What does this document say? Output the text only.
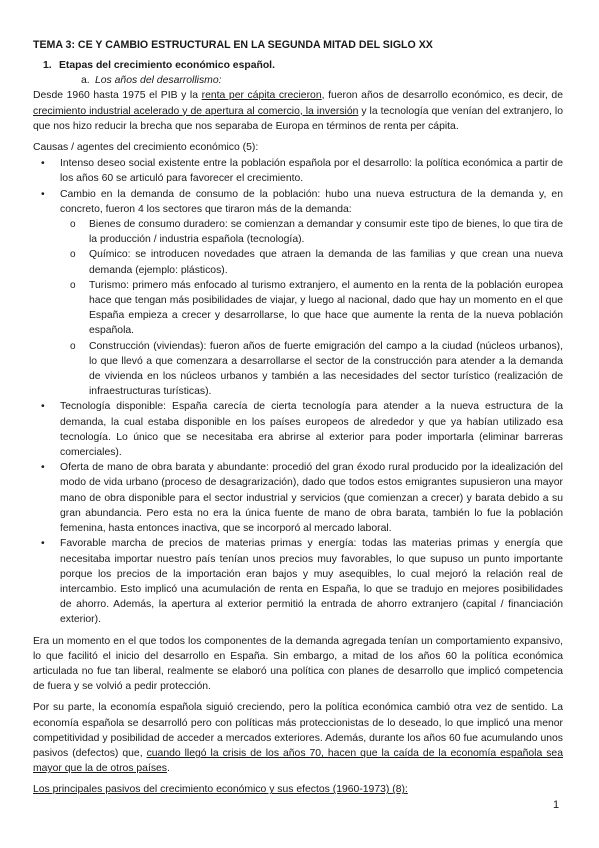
TEMA 3: CE Y CAMBIO ESTRUCTURAL EN LA SEGUNDA MITAD DEL SIGLO XX
1. Etapas del crecimiento económico español.
a. Los años del desarrollismo:

Desde 1960 hasta 1975 el PIB y la renta per cápita crecieron, fueron años de desarrollo económico, es decir, de crecimiento industrial acelerado y de apertura al comercio, la inversión y la tecnología que venían del extranjero, lo que nos hizo reducir la brecha que nos separaba de Europa en términos de renta per cápita.

Causas / agentes del crecimiento económico (5):

• Intenso deseo social existente entre la población española por el desarrollo: la política económica a partir de los años 60 se articuló para favorecer el crecimiento.
• Cambio en la demanda de consumo de la población: hubo una nueva estructura de la demanda y, en concreto, fueron 4 los sectores que tiraron más de la demanda:
o Bienes de consumo duradero: se comienzan a demandar y consumir este tipo de bienes, lo que tira de la producción / industria española (tecnología).
o Químico: se introducen novedades que atraen la demanda de las familias y que crean una nueva demanda (ejemplo: plásticos).
o Turismo: primero más enfocado al turismo extranjero, el aumento en la renta de la población europea hace que tengan más posibilidades de viajar, y luego al nacional, dado que hay un momento en el que España empieza a crecer y desarrollarse, lo que hace que aumente la renta de la nueva población española.
o Construcción (viviendas): fueron años de fuerte emigración del campo a la ciudad (núcleos urbanos), lo que llevó a que comenzara a desarrollarse el sector de la construcción para atender a la demanda de vivienda en los núcleos urbanos y también a las necesidades del sector turístico (realización de infraestructuras turísticas).
• Tecnología disponible: España carecía de cierta tecnología para atender a la nueva estructura de la demanda, la cual estaba disponible en los países europeos de alrededor y que ya habían utilizado esa tecnología. Lo único que se necesitaba era abrirse al exterior para poder importarla (eliminar barreras comerciales).
• Oferta de mano de obra barata y abundante: procedió del gran éxodo rural producido por la idealización del modo de vida urbano (proceso de desagrarización), dado que todos estos emigrantes supusieron una mayor mano de obra disponible para el sector industrial y servicios (que comienzan a crecer) y barata debido a su gran abundancia. Pero esta no era la única fuente de mano de obra barata, también lo fue la población femenina, hasta entonces inactiva, que se incorporó al mercado laboral.
• Favorable marcha de precios de materias primas y energía: todas las materias primas y energía que necesitaba importar nuestro país tenían unos precios muy favorables, lo que supuso un punto importante porque los precios de la importación eran bajos y muy asequibles, lo cual mejoró la relación real de intercambio. Esto implicó una acumulación de renta en España, lo que se tradujo en mejores posibilidades de ahorro. Además, la apertura al exterior permitió la entrada de ahorro extranjero (capital / financiación exterior).

Era un momento en el que todos los componentes de la demanda agregada tenían un comportamiento expansivo, lo que facilitó el inicio del desarrollo en España. Sin embargo, a mitad de los años 60 la política económica articulada no fue tan liberal, realmente se elaboró una política con planes de desarrollo que implicó competencia de fuera y se volvió a pedir protección.

Por su parte, la economía española siguió creciendo, pero la política económica cambió otra vez de sentido. La economía española se desarrolló pero con políticas más proteccionistas de lo deseado, lo que implicó una menor competitividad y posibilidad de acceder a mercados exteriores. Además, durante los años 60 fue acumulando unos pasivos (defectos) que, cuando llegó la crisis de los años 70, hacen que la caída de la economía española sea mayor que la de otros países.

Los principales pasivos del crecimiento económico y sus efectos (1960-1973) (8):

1
